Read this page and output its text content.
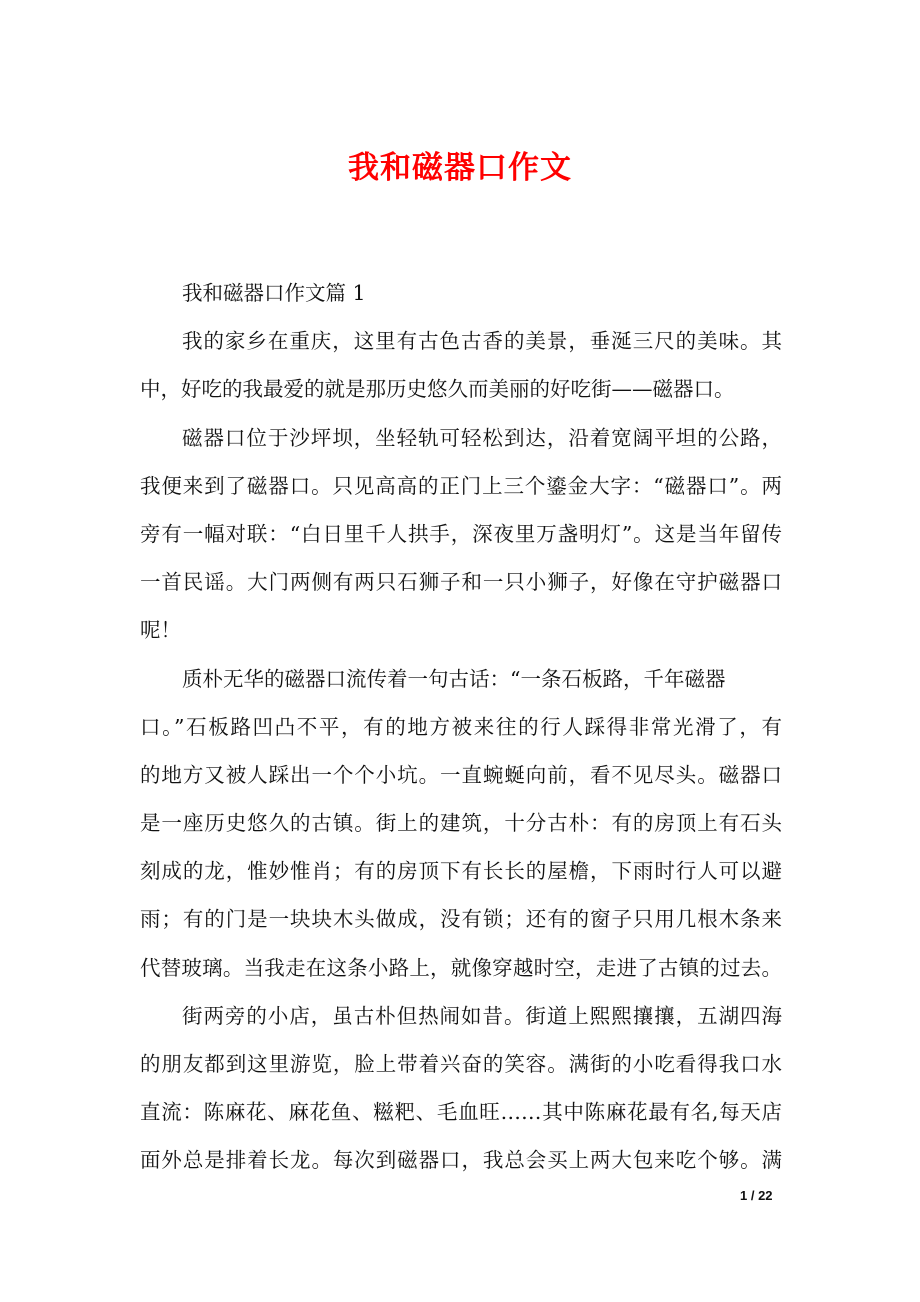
我和磁器口作文
我和磁器口作文篇 1
我的家乡在重庆，这里有古色古香的美景，垂涎三尺的美味。其
中，好吃的我最爱的就是那历史悠久而美丽的好吃街——磁器口。
磁器口位于沙坪坝，坐轻轨可轻松到达，沿着宽阔平坦的公路，
我便来到了磁器口。只见高高的正门上三个鎏金大字：“磁器口”。两
旁有一幅对联：“白日里千人拱手，深夜里万盏明灯”。这是当年留传
一首民谣。大门两侧有两只石狮子和一只小狮子，好像在守护磁器口
呢！
质朴无华的磁器口流传着一句古话：“一条石板路，千年磁器
口。”石板路凹凸不平，有的地方被来往的行人踩得非常光滑了，有
的地方又被人踩出一个个小坑。一直蜿蜒向前，看不见尽头。磁器口
是一座历史悠久的古镇。街上的建筑，十分古朴：有的房顶上有石头
刻成的龙，惟妙惟肖；有的房顶下有长长的屋檐，下雨时行人可以避
雨；有的门是一块块木头做成，没有锁；还有的窗子只用几根木条来
代替玻璃。当我走在这条小路上，就像穿越时空，走进了古镇的过去。
街两旁的小店，虽古朴但热闹如昔。街道上熙熙攘攘，五湖四海
的朋友都到这里游览，脸上带着兴奋的笑容。满街的小吃看得我口水
直流：陈麻花、麻花鱼、糍粑、毛血旺……其中陈麻花最有名,每天店
面外总是排着长龙。每次到磁器口，我总会买上两大包来吃个够。满
1 / 22
